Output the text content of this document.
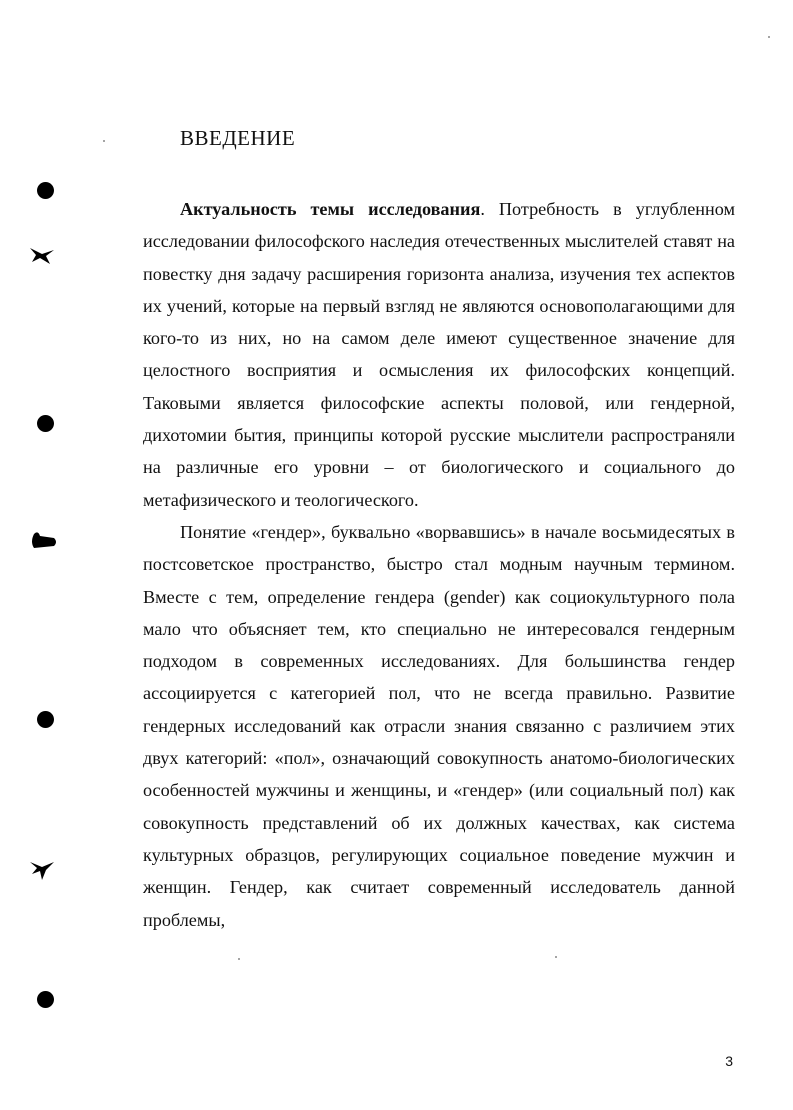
ВВЕДЕНИЕ

Актуальность темы исследования. Потребность в углубленном исследовании философского наследия отечественных мыслителей ставят на повестку дня задачу расширения горизонта анализа, изучения тех аспектов их учений, которые на первый взгляд не являются основополагающими для кого-то из них, но на самом деле имеют существенное значение для целостного восприятия и осмысления их философских концепций. Таковыми является философские аспекты половой, или гендерной, дихотомии бытия, принципы которой русские мыслители распространяли на различные его уровни – от биологического и социального до метафизического и теологического.

Понятие «гендер», буквально «ворвавшись» в начале восьмидесятых в постсоветское пространство, быстро стал модным научным термином. Вместе с тем, определение гендера (gender) как социокультурного пола мало что объясняет тем, кто специально не интересовался гендерным подходом в современных исследованиях. Для большинства гендер ассоциируется с категорией пол, что не всегда правильно. Развитие гендерных исследований как отрасли знания связанно с различием этих двух категорий: «пол», означающий совокупность анатомо-биологических особенностей мужчины и женщины, и «гендер» (или социальный пол) как совокупность представлений об их должных качествах, как система культурных образцов, регулирующих социальное поведение мужчин и женщин. Гендер, как считает современный исследователь данной проблемы,

3
